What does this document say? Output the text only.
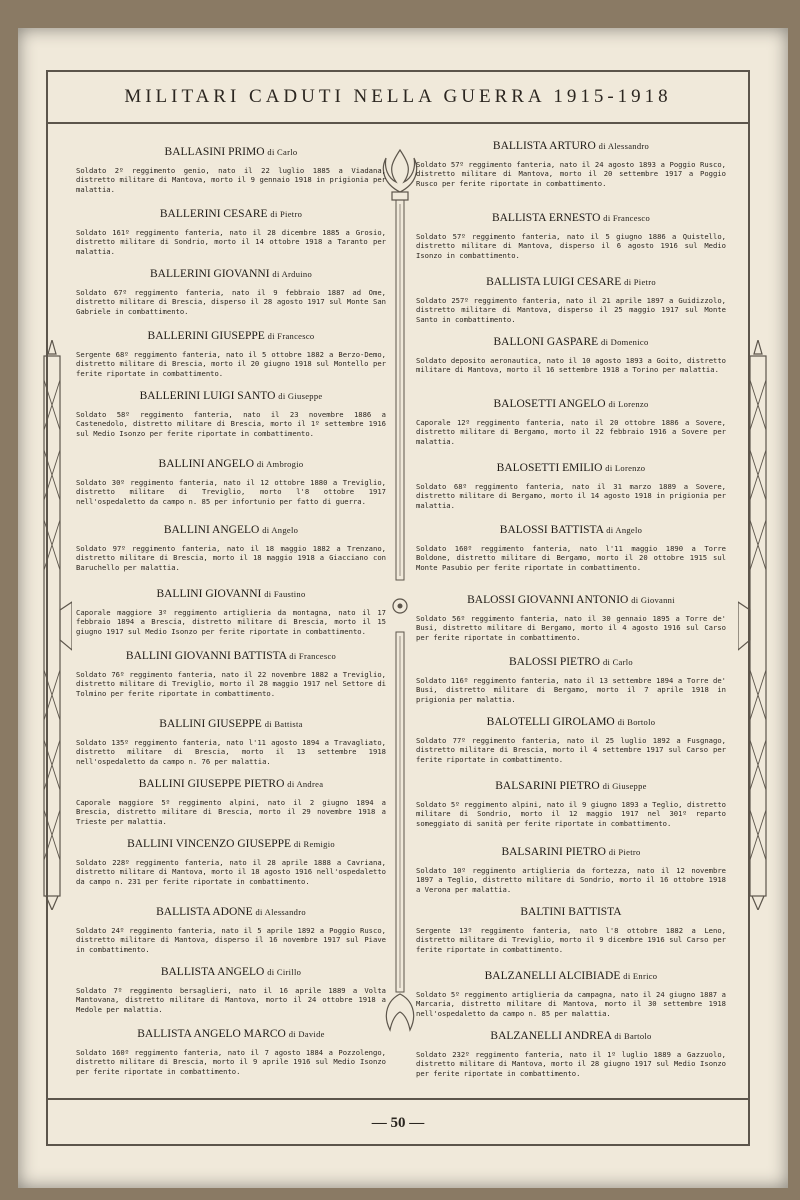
MILITARI CADUTI NELLA GUERRA 1915-1918
— 50 —
BALLASINI PRIMO di Carlo
Soldato 2º reggimento genio, nato il 22 luglio 1885 a Viadana, distretto militare di Mantova, morto il 9 gennaio 1918 in prigionia per malattia.
BALLERINI CESARE di Pietro
Soldato 161º reggimento fanteria, nato il 28 dicembre 1885 a Grosio, distretto militare di Sondrio, morto il 14 ottobre 1918 a Taranto per malattia.
BALLERINI GIOVANNI di Arduino
Soldato 67º reggimento fanteria, nato il 9 febbraio 1887 ad Ome, distretto militare di Brescia, disperso il 28 agosto 1917 sul Monte San Gabriele in combattimento.
BALLERINI GIUSEPPE di Francesco
Sergente 68º reggimento fanteria, nato il 5 ottobre 1882 a Berzo-Demo, distretto militare di Brescia, morto il 20 giugno 1918 sul Montello per ferite riportate in combattimento.
BALLERINI LUIGI SANTO di Giuseppe
Soldato 58º reggimento fanteria, nato il 23 novembre 1886 a Castenedolo, distretto militare di Brescia, morto il 1º settembre 1916 sul Medio Isonzo per ferite riportate in combattimento.
BALLINI ANGELO di Ambrogio
Soldato 30º reggimento fanteria, nato il 12 ottobre 1880 a Treviglio, distretto militare di Treviglio, morto l'8 ottobre 1917 nell'ospedaletto da campo n. 85 per infortunio per fatto di guerra.
BALLINI ANGELO di Angelo
Soldato 97º reggimento fanteria, nato il 18 maggio 1882 a Trenzano, distretto militare di Brescia, morto il 18 maggio 1918 a Giacciano con Baruchello per malattia.
BALLINI GIOVANNI di Faustino
Caporale maggiore 3º reggimento artiglieria da montagna, nato il 17 febbraio 1894 a Brescia, distretto militare di Brescia, morto il 15 giugno 1917 sul Medio Isonzo per ferite riportate in combattimento.
BALLINI GIOVANNI BATTISTA di Francesco
Soldato 76º reggimento fanteria, nato il 22 novembre 1882 a Treviglio, distretto militare di Treviglio, morto il 28 maggio 1917 nel Settore di Tolmino per ferite riportate in combattimento.
BALLINI GIUSEPPE di Battista
Soldato 135º reggimento fanteria, nato l'11 agosto 1894 a Travagliato, distretto militare di Brescia, morto il 13 settembre 1918 nell'ospedaletto da campo n. 76 per malattia.
BALLINI GIUSEPPE PIETRO di Andrea
Caporale maggiore 5º reggimento alpini, nato il 2 giugno 1894 a Brescia, distretto militare di Brescia, morto il 29 novembre 1918 a Trieste per malattia.
BALLINI VINCENZO GIUSEPPE di Remigio
Soldato 228º reggimento fanteria, nato il 28 aprile 1888 a Cavriana, distretto militare di Mantova, morto il 18 agosto 1916 nell'ospedaletto da campo n. 231 per ferite riportate in combattimento.
BALLISTA ADONE di Alessandro
Soldato 24º reggimento fanteria, nato il 5 aprile 1892 a Poggio Rusco, distretto militare di Mantova, disperso il 16 novembre 1917 sul Piave in combattimento.
BALLISTA ANGELO di Cirillo
Soldato 7º reggimento bersaglieri, nato il 16 aprile 1889 a Volta Mantovana, distretto militare di Mantova, morto il 24 ottobre 1918 a Medole per malattia.
BALLISTA ANGELO MARCO di Davide
Soldato 160º reggimento fanteria, nato il 7 agosto 1884 a Pozzolengo, distretto militare di Brescia, morto il 9 aprile 1916 sul Medio Isonzo per ferite riportate in combattimento.
BALLISTA ARTURO di Alessandro
Soldato 57º reggimento fanteria, nato il 24 agosto 1893 a Poggio Rusco, distretto militare di Mantova, morto il 20 settembre 1917 a Poggio Rusco per ferite riportate in combattimento.
BALLISTA ERNESTO di Francesco
Soldato 57º reggimento fanteria, nato il 5 giugno 1886 a Quistello, distretto militare di Mantova, disperso il 6 agosto 1916 sul Medio Isonzo in combattimento.
BALLISTA LUIGI CESARE di Pietro
Soldato 257º reggimento fanteria, nato il 21 aprile 1897 a Guidizzolo, distretto militare di Mantova, disperso il 25 maggio 1917 sul Monte Santo in combattimento.
BALLONI GASPARE di Domenico
Soldato deposito aeronautica, nato il 10 agosto 1893 a Goito, distretto militare di Mantova, morto il 16 settembre 1918 a Torino per malattia.
BALOSETTI ANGELO di Lorenzo
Caporale 12º reggimento fanteria, nato il 20 ottobre 1886 a Sovere, distretto militare di Bergamo, morto il 22 febbraio 1916 a Sovere per malattia.
BALOSETTI EMILIO di Lorenzo
Soldato 68º reggimento fanteria, nato il 31 marzo 1889 a Sovere, distretto militare di Bergamo, morto il 14 agosto 1918 in prigionia per malattia.
BALOSSI BATTISTA di Angelo
Soldato 160º reggimento fanteria, nato l'11 maggio 1890 a Torre Boldone, distretto militare di Bergamo, morto il 20 ottobre 1915 sul Monte Pasubio per ferite riportate in combattimento.
BALOSSI GIOVANNI ANTONIO di Giovanni
Soldato 56º reggimento fanteria, nato il 30 gennaio 1895 a Torre de' Busi, distretto militare di Bergamo, morto il 4 agosto 1916 sul Carso per ferite riportate in combattimento.
BALOSSI PIETRO di Carlo
Soldato 116º reggimento fanteria, nato il 13 settembre 1894 a Torre de' Busi, distretto militare di Bergamo, morto il 7 aprile 1918 in prigionia per malattia.
BALOTELLI GIROLAMO di Bortolo
Soldato 77º reggimento fanteria, nato il 25 luglio 1892 a Fusgnago, distretto militare di Brescia, morto il 4 settembre 1917 sul Carso per ferite riportate in combattimento.
BALSARINI PIETRO di Giuseppe
Soldato 5º reggimento alpini, nato il 9 giugno 1893 a Teglio, distretto militare di Sondrio, morto il 12 maggio 1917 nel 301º reparto someggiato di sanità per ferite riportate in combattimento.
BALSARINI PIETRO di Pietro
Soldato 10º reggimento artiglieria da fortezza, nato il 12 novembre 1897 a Teglio, distretto militare di Sondrio, morto il 16 ottobre 1918 a Verona per malattia.
BALTINI BATTISTA
Sergente 13º reggimento fanteria, nato l'8 ottobre 1882 a Leno, distretto militare di Treviglio, morto il 9 dicembre 1916 sul Carso per ferite riportate in combattimento.
BALZANELLI ALCIBIADE di Enrico
Soldato 5º reggimento artiglieria da campagna, nato il 24 giugno 1887 a Marcaria, distretto militare di Mantova, morto il 30 settembre 1918 nell'ospedaletto da campo n. 85 per malattia.
BALZANELLI ANDREA di Bartolo
Soldato 232º reggimento fanteria, nato il 1º luglio 1889 a Gazzuolo, distretto militare di Mantova, morto il 28 giugno 1917 sul Medio Isonzo per ferite riportate in combattimento.
